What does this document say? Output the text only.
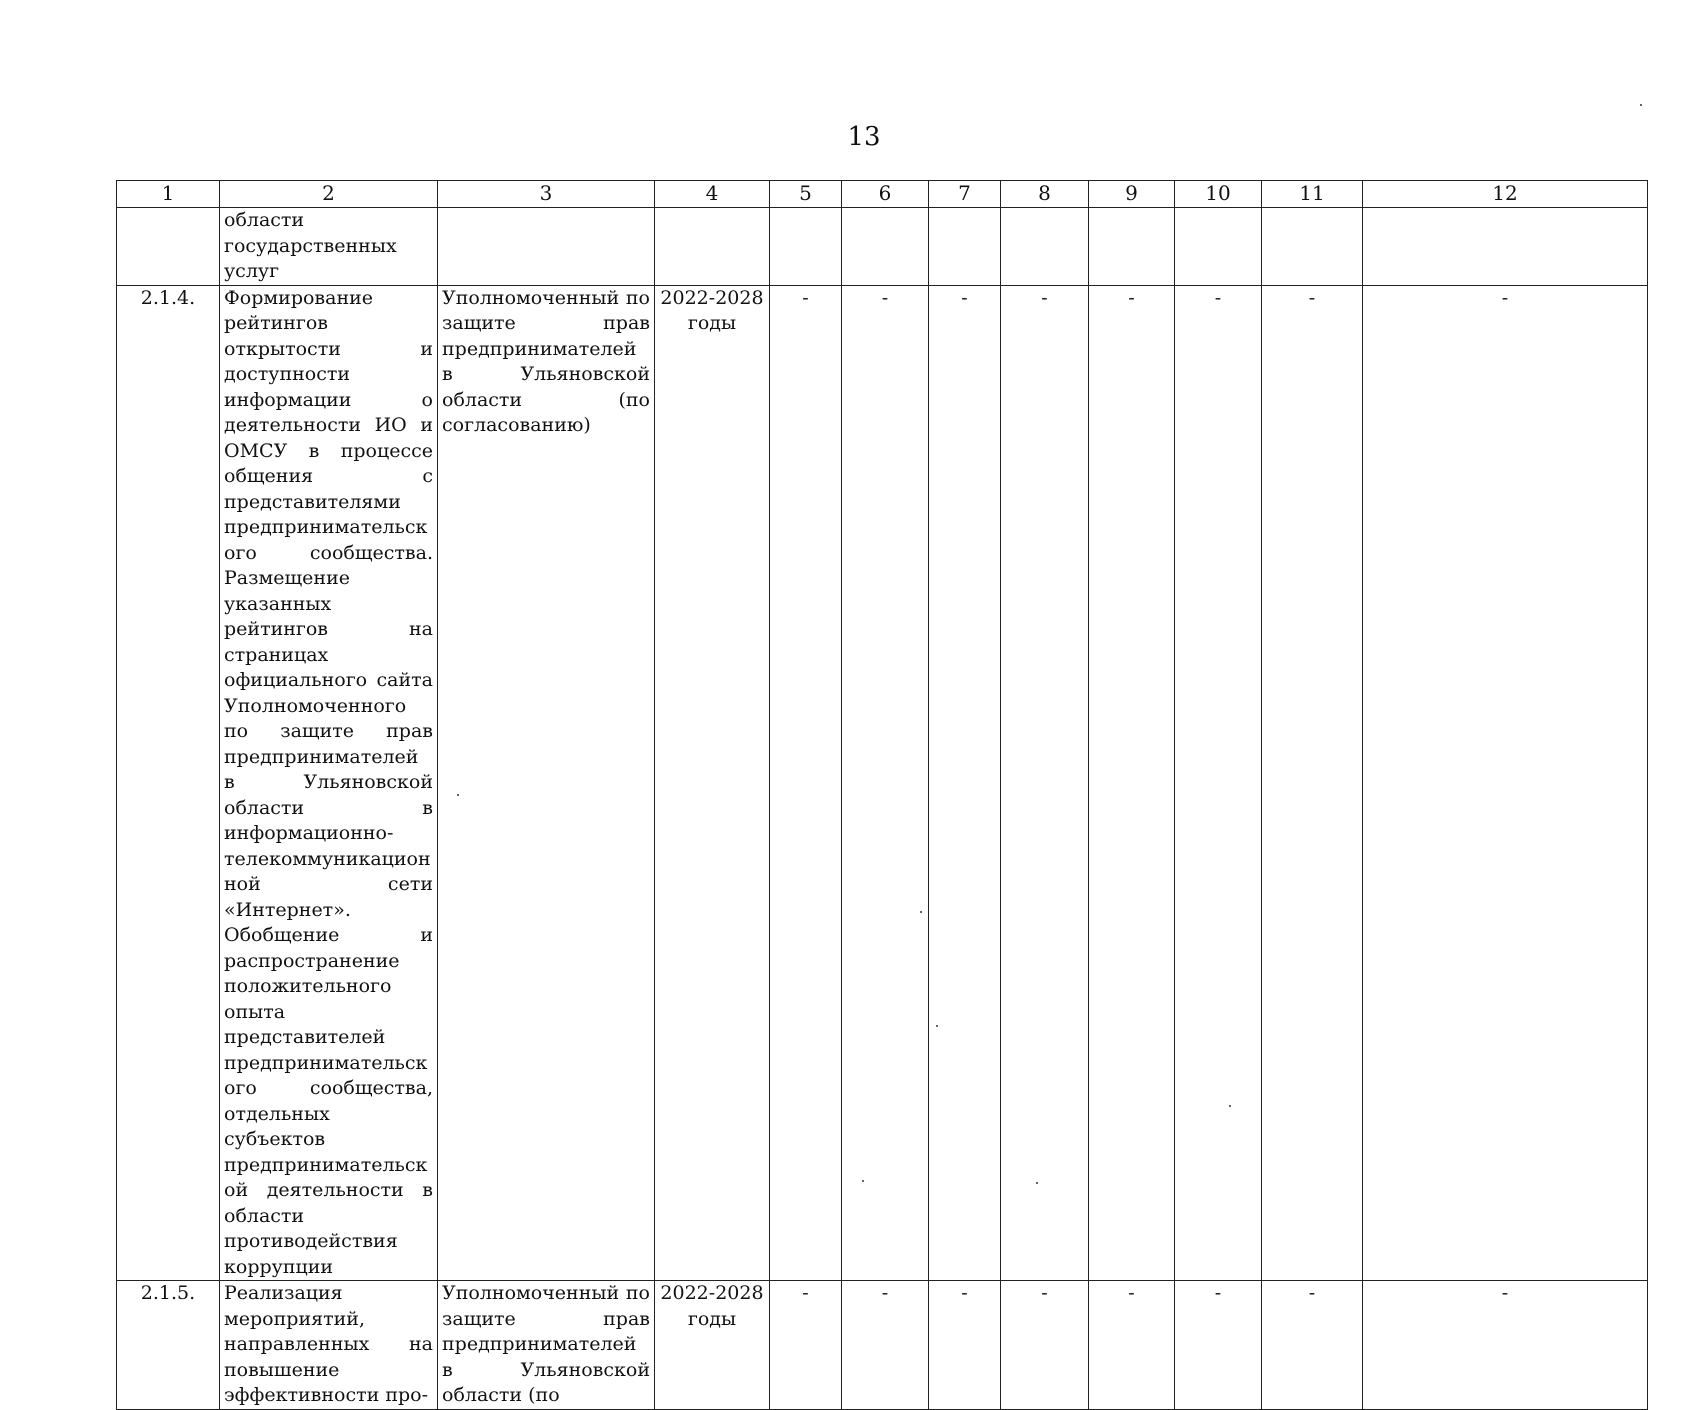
13
1	2	3	4	5	6	7	8	9	10	11	12
	области государственных услуг										
2.1.4.	Формирование рейтингов открытости и доступности информации о деятельности ИО и ОМСУ в процессе общения с представителями предпринимательского сообщества. Размещение указанных рейтингов на страницах официального сайта Уполномоченного по защите прав предпринимателей в Ульяновской области в информационно-телекоммуникационной сети «Интернет». Обобщение и распространение положительного опыта представителей предпринимательского сообщества, отдельных субъектов предпринимательской деятельности в области противодействия коррупции	Уполномоченный по защите прав предпринимателей в Ульяновской области (по согласованию)	2022-2028 годы	-	-	-	-	-	-	-	-
2.1.5.	Реализация мероприятий, направленных на повышение эффективности про-	Уполномоченный по защите прав предпринимателей в Ульяновской области (по	2022-2028 годы	-	-	-	-	-	-	-	-
